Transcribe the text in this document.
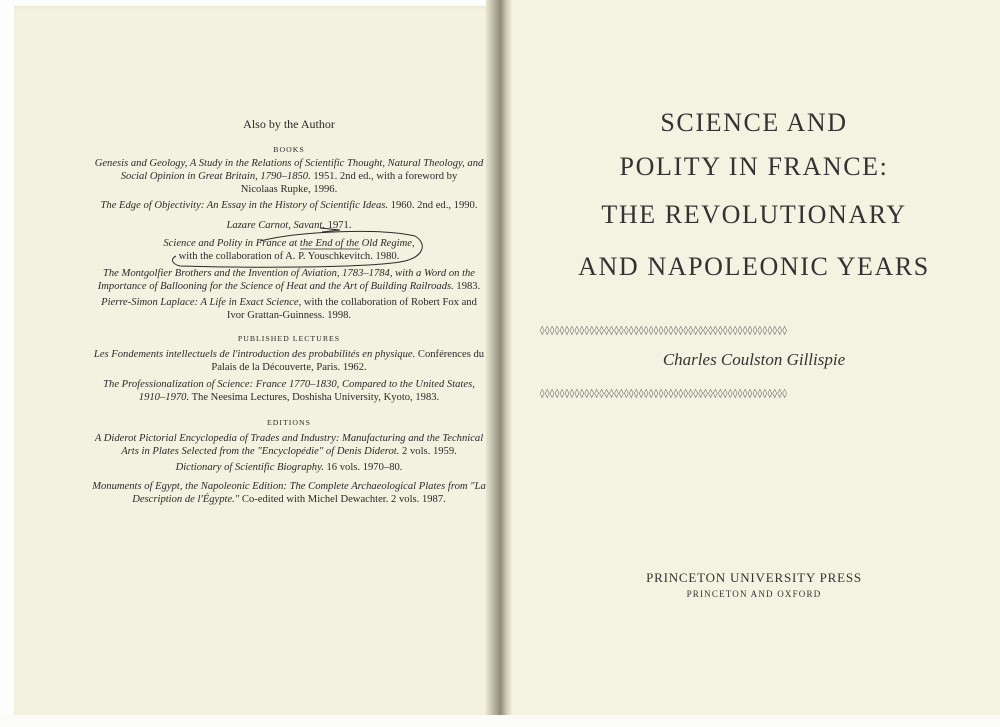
Also by the Author
BOOKS
Genesis and Geology, A Study in the Relations of Scientific Thought, Natural Theology, and
Social Opinion in Great Britain, 1790–1850. 1951. 2nd ed., with a foreword by
Nicolaas Rupke, 1996.
The Edge of Objectivity: An Essay in the History of Scientific Ideas. 1960. 2nd ed., 1990.
Lazare Carnot, Savant. 1971.
Science and Polity in France at the End of the Old Regime,
with the collaboration of A. P. Youschkevitch. 1980.
The Montgolfier Brothers and the Invention of Aviation, 1783–1784, with a Word on the
Importance of Ballooning for the Science of Heat and the Art of Building Railroads. 1983.
Pierre-Simon Laplace: A Life in Exact Science, with the collaboration of Robert Fox and
Ivor Grattan-Guinness. 1998.
PUBLISHED LECTURES
Les Fondements intellectuels de l'introduction des probabilités en physique. Conférences du
Palais de la Découverte, Paris. 1962.
The Professionalization of Science: France 1770–1830, Compared to the United States,
1910–1970. The Neesima Lectures, Doshisha University, Kyoto, 1983.
EDITIONS
A Diderot Pictorial Encyclopedia of Trades and Industry: Manufacturing and the Technical
Arts in Plates Selected from the "Encyclopédie" of Denis Diderot. 2 vols. 1959.
Dictionary of Scientific Biography. 16 vols. 1970–80.
Monuments of Egypt, the Napoleonic Edition: The Complete Archaeological Plates from "La
Description de l'Égypte." Co-edited with Michel Dewachter. 2 vols. 1987.
SCIENCE AND
POLITY IN FRANCE:
THE REVOLUTIONARY
AND NAPOLEONIC YEARS
◊◊◊◊◊◊◊◊◊◊◊◊◊◊◊◊◊◊◊◊◊◊◊◊◊◊◊◊◊◊◊◊◊◊◊◊◊◊◊◊◊◊◊◊◊◊◊◊◊◊
Charles Coulston Gillispie
◊◊◊◊◊◊◊◊◊◊◊◊◊◊◊◊◊◊◊◊◊◊◊◊◊◊◊◊◊◊◊◊◊◊◊◊◊◊◊◊◊◊◊◊◊◊◊◊◊◊
PRINCETON UNIVERSITY PRESS
PRINCETON AND OXFORD
